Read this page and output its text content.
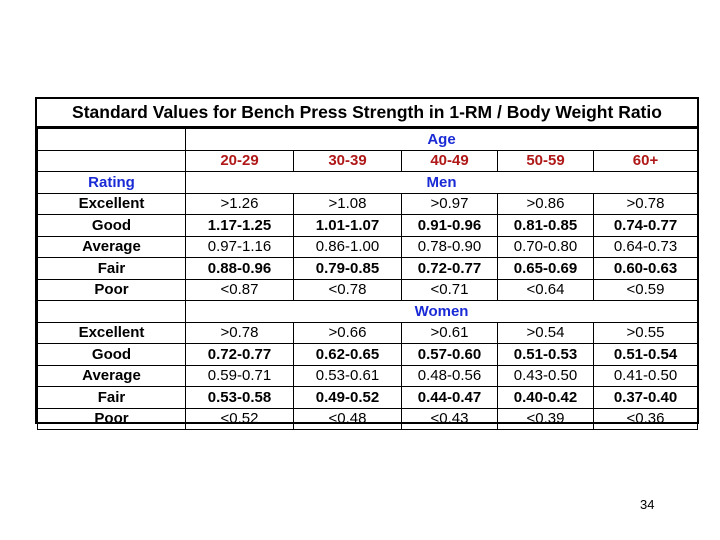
Standard Values for Bench Press Strength in 1-RM / Body Weight Ratio
	Age				
	20-29	30-39	40-49	50-59	60+
Rating	Men				
Excellent	>1.26	>1.08	>0.97	>0.86	>0.78
Good	1.17-1.25	1.01-1.07	0.91-0.96	0.81-0.85	0.74-0.77
Average	0.97-1.16	0.86-1.00	0.78-0.90	0.70-0.80	0.64-0.73
Fair	0.88-0.96	0.79-0.85	0.72-0.77	0.65-0.69	0.60-0.63
Poor	<0.87	<0.78	<0.71	<0.64	<0.59
	Women				
Excellent	>0.78	>0.66	>0.61	>0.54	>0.55
Good	0.72-0.77	0.62-0.65	0.57-0.60	0.51-0.53	0.51-0.54
Average	0.59-0.71	0.53-0.61	0.48-0.56	0.43-0.50	0.41-0.50
Fair	0.53-0.58	0.49-0.52	0.44-0.47	0.40-0.42	0.37-0.40
Poor	<0.52	<0.48	<0.43	<0.39	<0.36
34
